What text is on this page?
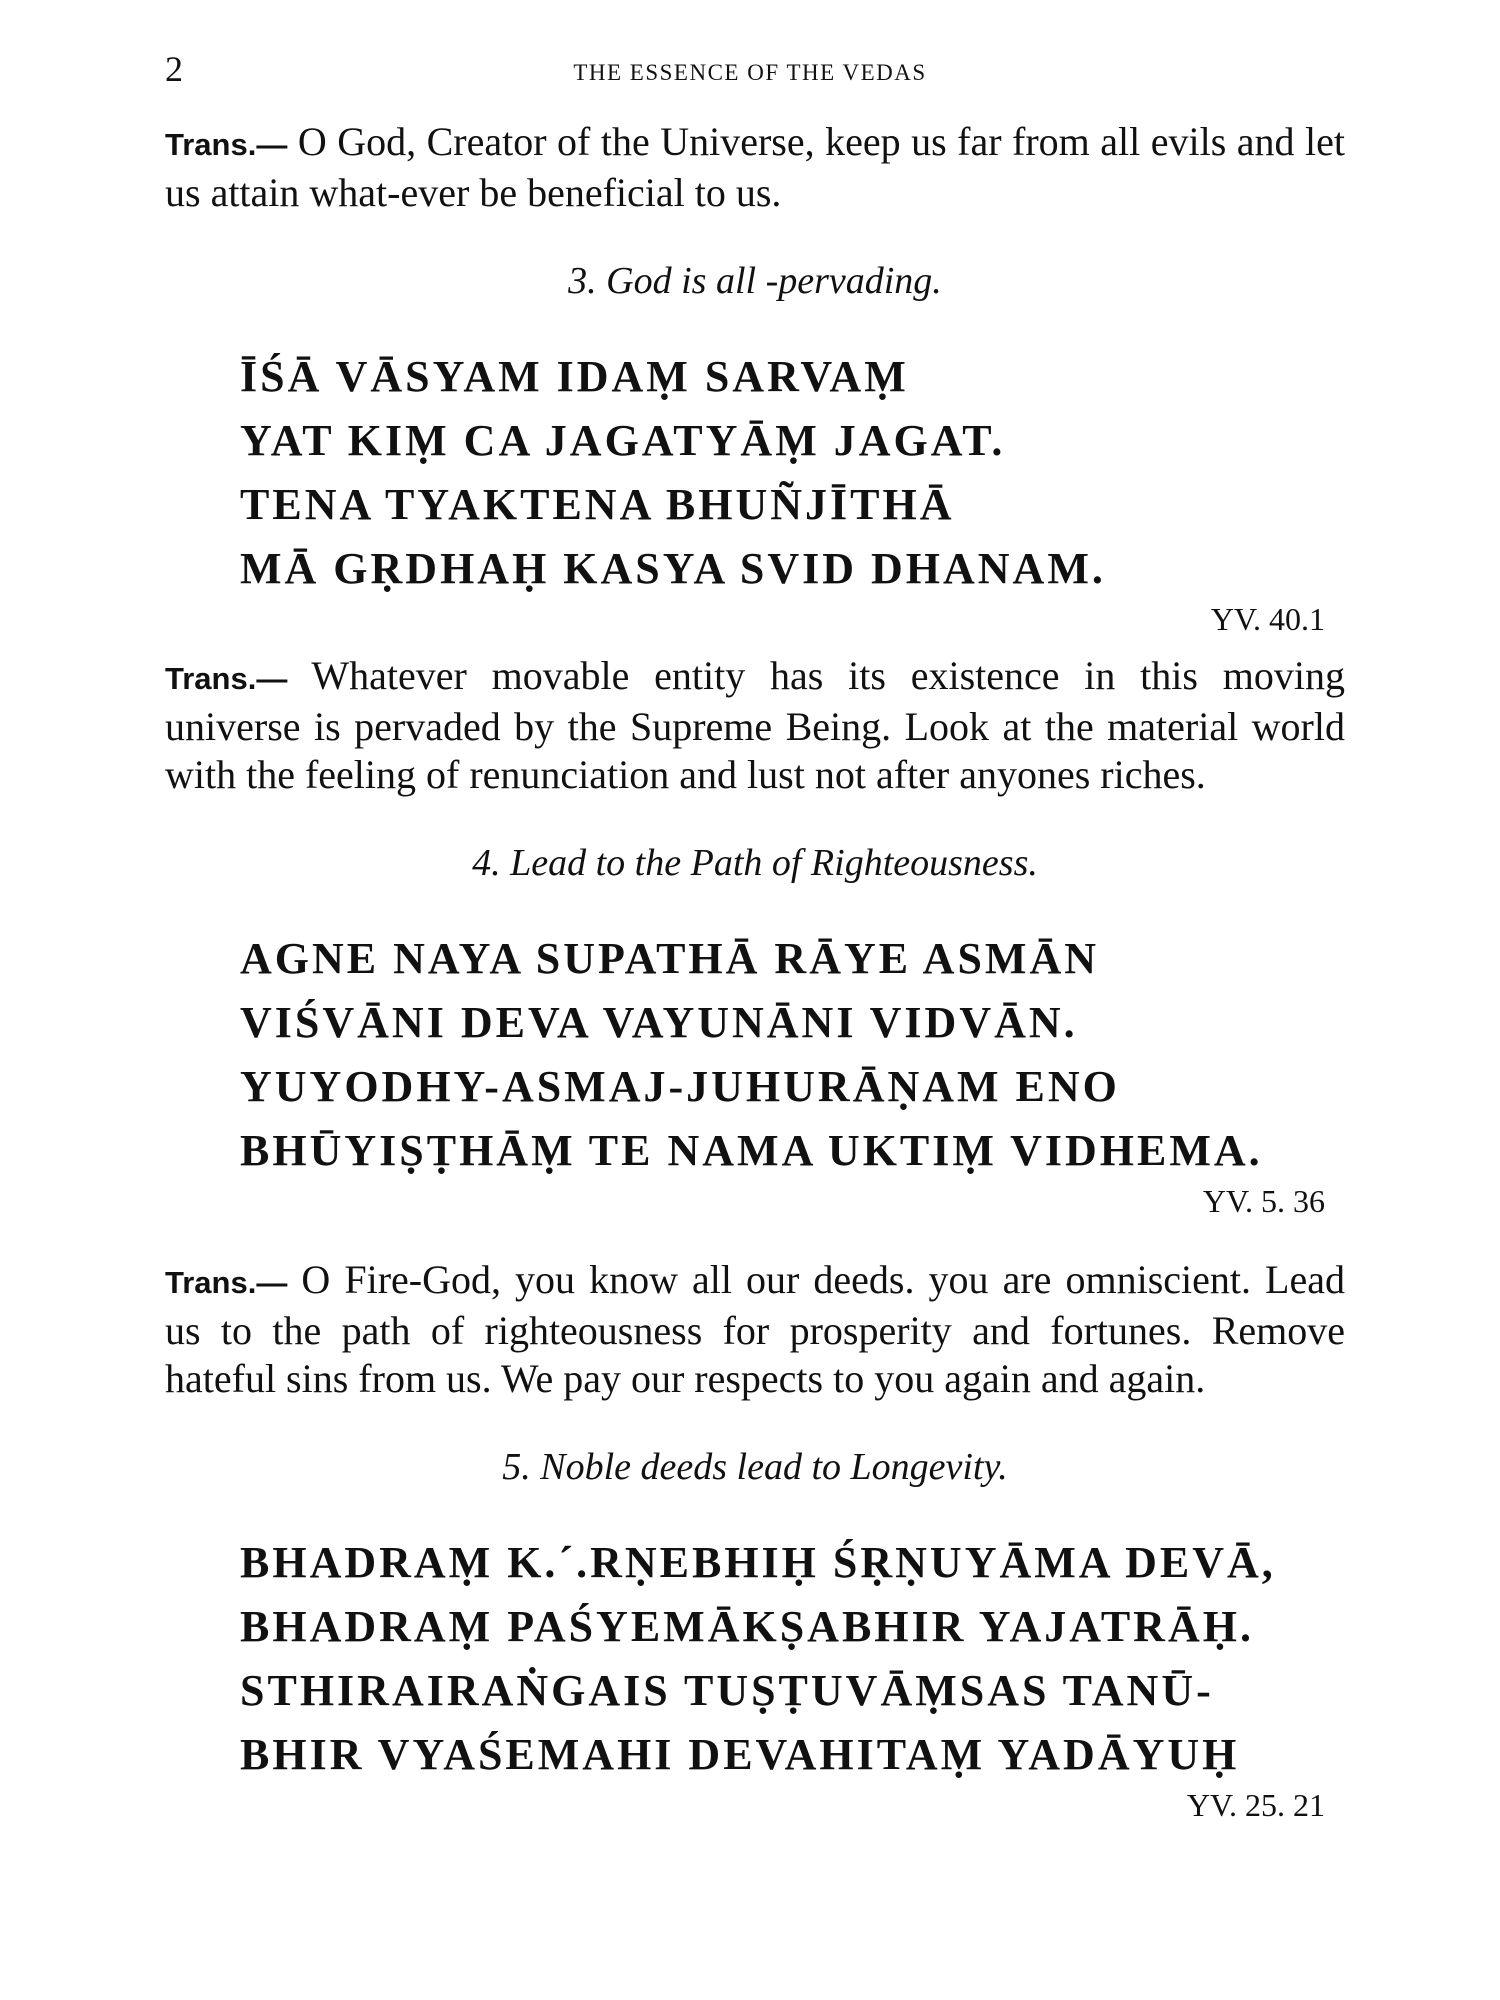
2	THE ESSENCE OF THE VEDAS

Trans.— O God, Creator of the Universe, keep us far from all evils and let us attain what-ever be beneficial to us.

3. God is all -pervading.

ĪŚĀ VĀSYAM IDAṂ SARVAṂ
YAT KIṂ CA JAGATYĀṂ JAGAT.
TENA TYAKTENA BHUÑJĪTHĀ
MĀ GṚDHAḤ KASYA SVID DHANAM.
YV. 40.1

Trans.— Whatever movable entity has its existence in this moving universe is pervaded by the Supreme Being. Look at the material world with the feeling of renunciation and lust not after anyones riches.

4. Lead to the Path of Righteousness.

AGNE NAYA SUPATHĀ RĀYE ASMĀN
VIŚVĀNI DEVA VAYUNĀNI VIDVĀN.
YUYODHY-ASMAJ-JUHURĀṆAM ENO
BHŪYIṢṬHĀṂ TE NAMA UKTIṂ VIDHEMA.
YV. 5. 36

Trans.— O Fire-God, you know all our deeds. you are omniscient. Lead us to the path of righteousness for prosperity and fortunes. Remove hateful sins from us. We pay our respects to you again and again.

5. Noble deeds lead to Longevity.

BHADRAṂ K.´.RṆEBHIḤ ŚṚṆUYĀMA DEVĀ,
BHADRAṂ PAŚYEMĀKṢABHIR YAJATRĀḤ.
STHIRAIRAṄGAIS TUṢṬUVĀṂSAS TANŪ-
BHIR VYAŚEMAHI DEVAHITAṂ YADĀYUḤ
YV. 25. 21
